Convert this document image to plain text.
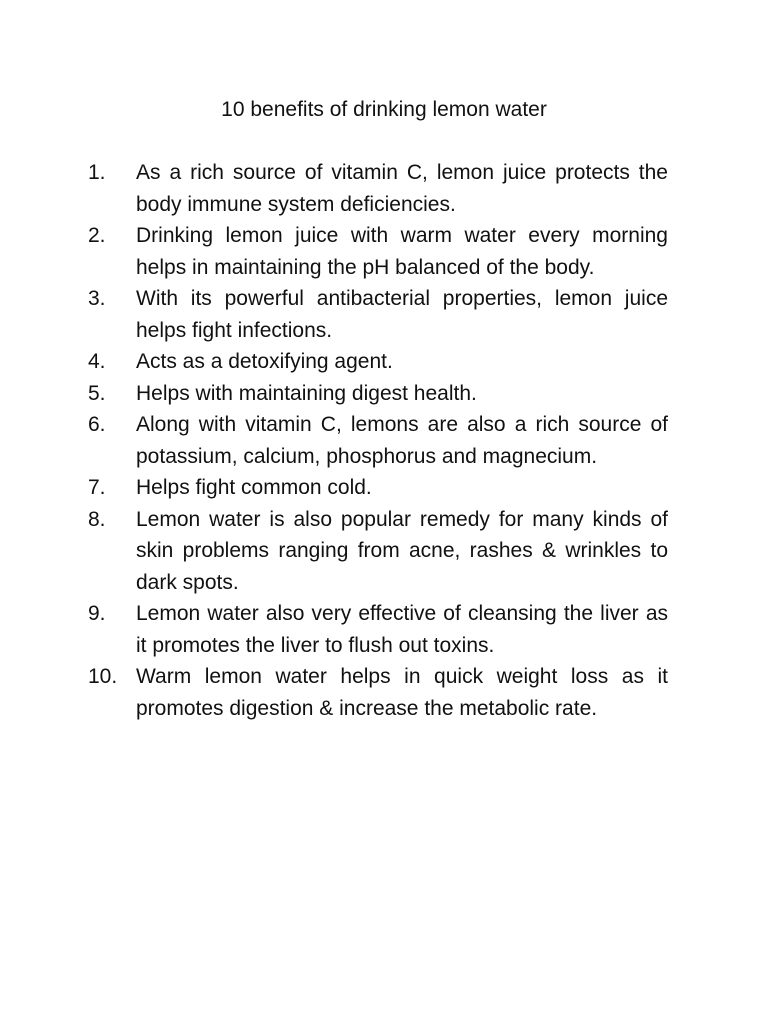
10 benefits of drinking lemon water
1. As a rich source of vitamin C, lemon juice protects the body immune system deficiencies.
2. Drinking lemon juice with warm water every morning helps in maintaining the pH balanced of the body.
3. With its powerful antibacterial properties, lemon juice helps fight infections.
4. Acts as a detoxifying agent.
5. Helps with maintaining digest health.
6. Along with vitamin C, lemons are also a rich source of potassium, calcium, phosphorus and magnecium.
7. Helps fight common cold.
8. Lemon water is also popular remedy for many kinds of skin problems ranging from acne, rashes & wrinkles to dark spots.
9. Lemon water also very effective of cleansing the liver as it promotes the liver to flush out toxins.
10. Warm lemon water helps in quick weight loss as it promotes digestion & increase the metabolic rate.
